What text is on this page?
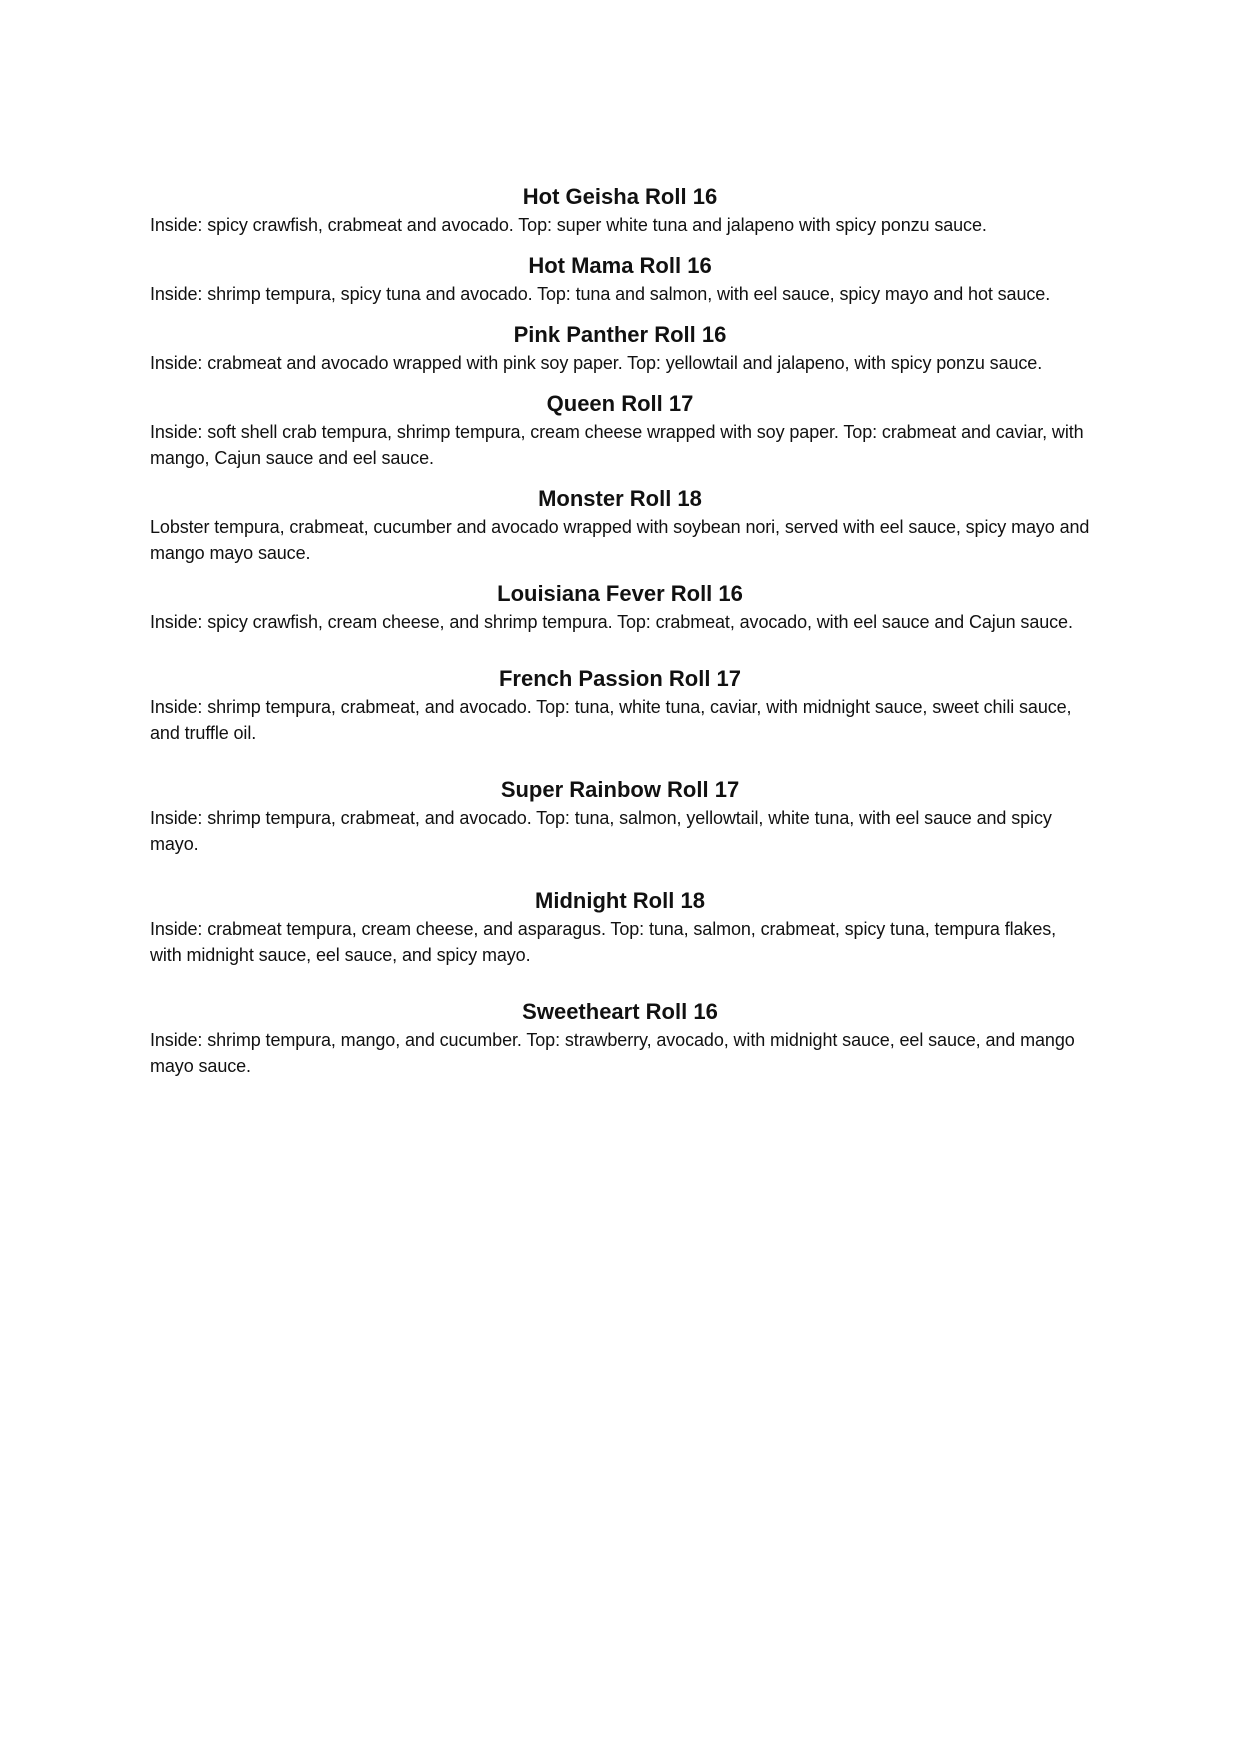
Hot Geisha Roll 16

Inside: spicy crawfish, crabmeat and avocado. Top: super white tuna and jalapeno with spicy ponzu sauce.

Hot Mama Roll 16

Inside: shrimp tempura, spicy tuna and avocado. Top: tuna and salmon, with eel sauce, spicy mayo and hot sauce.

Pink Panther Roll 16

Inside: crabmeat and avocado wrapped with pink soy paper. Top: yellowtail and jalapeno, with spicy ponzu sauce.

Queen Roll 17

Inside: soft shell crab tempura, shrimp tempura, cream cheese wrapped with soy paper. Top: crabmeat and caviar, with mango, Cajun sauce and eel sauce.

Monster Roll 18

Lobster tempura, crabmeat, cucumber and avocado wrapped with soybean nori, served with eel sauce, spicy mayo and mango mayo sauce.

Louisiana Fever Roll 16

Inside: spicy crawfish, cream cheese, and shrimp tempura. Top: crabmeat, avocado, with eel sauce and Cajun sauce.

French Passion Roll 17

Inside: shrimp tempura, crabmeat, and avocado. Top: tuna, white tuna, caviar, with midnight sauce, sweet chili sauce, and truffle oil.

Super Rainbow Roll 17

Inside: shrimp tempura, crabmeat, and avocado. Top: tuna, salmon, yellowtail, white tuna, with eel sauce and spicy mayo.

Midnight Roll 18

Inside: crabmeat tempura, cream cheese, and asparagus. Top: tuna, salmon, crabmeat, spicy tuna, tempura flakes, with midnight sauce, eel sauce, and spicy mayo.

Sweetheart Roll 16

Inside: shrimp tempura, mango, and cucumber. Top: strawberry, avocado, with midnight sauce, eel sauce, and mango mayo sauce.
